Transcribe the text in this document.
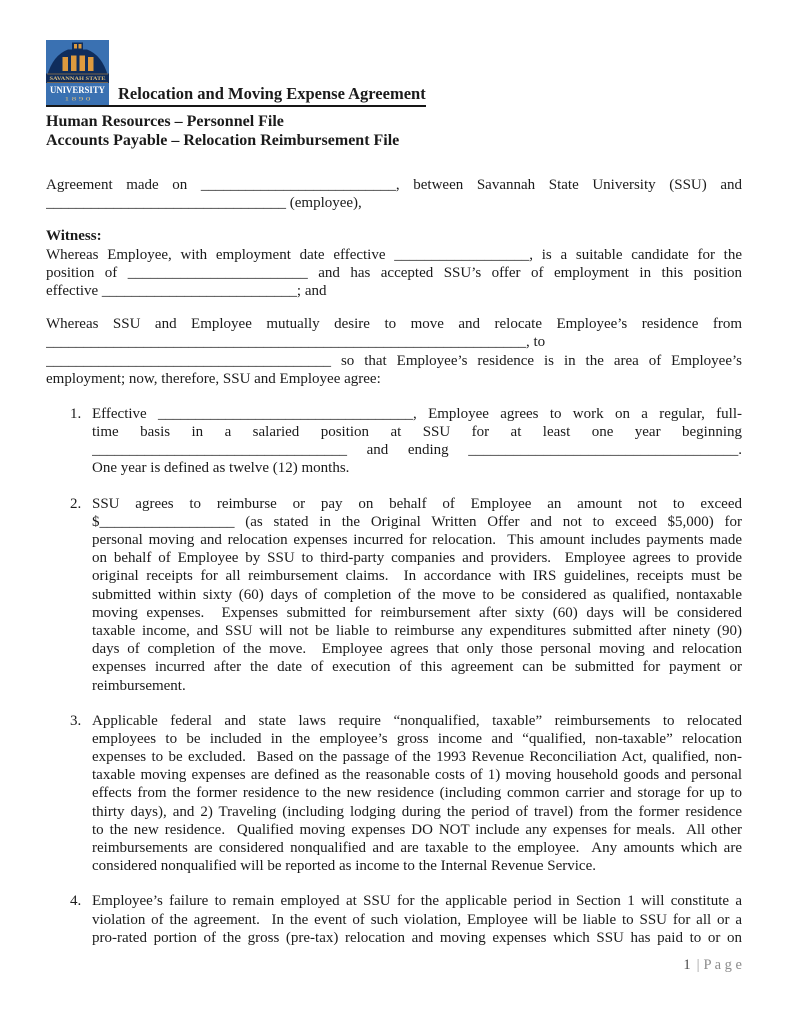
SAVANNAH STATE
UNIVERSITY
1 8 9 0 Relocation and Moving Expense Agreement
Human Resources – Personnel File
Accounts Payable – Relocation Reimbursement File
Agreement made on __________________________, between Savannah State University (SSU) and
________________________________ (employee),
Witness:
Whereas Employee, with employment date effective __________________, is a suitable candidate for the
position of ________________________ and has accepted SSU’s offer of employment in this position
effective __________________________; and
Whereas SSU and Employee mutually desire to move and relocate Employee’s residence from
________________________________________________________________, to
______________________________________ so that Employee’s residence is in the area of Employee’s
employment; now, therefore, SSU and Employee agree:
1. Effective __________________________________, Employee agrees to work on a regular, full-
time basis in a salaried position at SSU for at least one year beginning
__________________________________ and ending ____________________________________.
One year is defined as twelve (12) months.
2. SSU agrees to reimburse or pay on behalf of Employee an amount not to exceed
$__________________ (as stated in the Original Written Offer and not to exceed $5,000) for
personal moving and relocation expenses incurred for relocation.  This amount includes payments made
on behalf of Employee by SSU to third-party companies and providers.  Employee agrees to provide
original receipts for all reimbursement claims.  In accordance with IRS guidelines, receipts must be
submitted within sixty (60) days of completion of the move to be considered as qualified, nontaxable
moving expenses.  Expenses submitted for reimbursement after sixty (60) days will be considered
taxable income, and SSU will not be liable to reimburse any expenditures submitted after ninety (90)
days of completion of the move.  Employee agrees that only those personal moving and relocation
expenses incurred after the date of execution of this agreement can be submitted for payment or
reimbursement.
3. Applicable federal and state laws require “nonqualified, taxable” reimbursements to relocated
employees to be included in the employee’s gross income and “qualified, non-taxable” relocation
expenses to be excluded.  Based on the passage of the 1993 Revenue Reconciliation Act, qualified, non-
taxable moving expenses are defined as the reasonable costs of 1) moving household goods and personal
effects from the former residence to the new residence (including common carrier and storage for up to
thirty days), and 2) Traveling (including lodging during the period of travel) from the former residence
to the new residence.  Qualified moving expenses DO NOT include any expenses for meals.  All other
reimbursements are considered nonqualified and are taxable to the employee.  Any amounts which are
considered nonqualified will be reported as income to the Internal Revenue Service.
4. Employee’s failure to remain employed at SSU for the applicable period in Section 1 will constitute a
violation of the agreement.  In the event of such violation, Employee will be liable to SSU for all or a
pro-rated portion of the gross (pre-tax) relocation and moving expenses which SSU has paid to or on
1 | P a g e
